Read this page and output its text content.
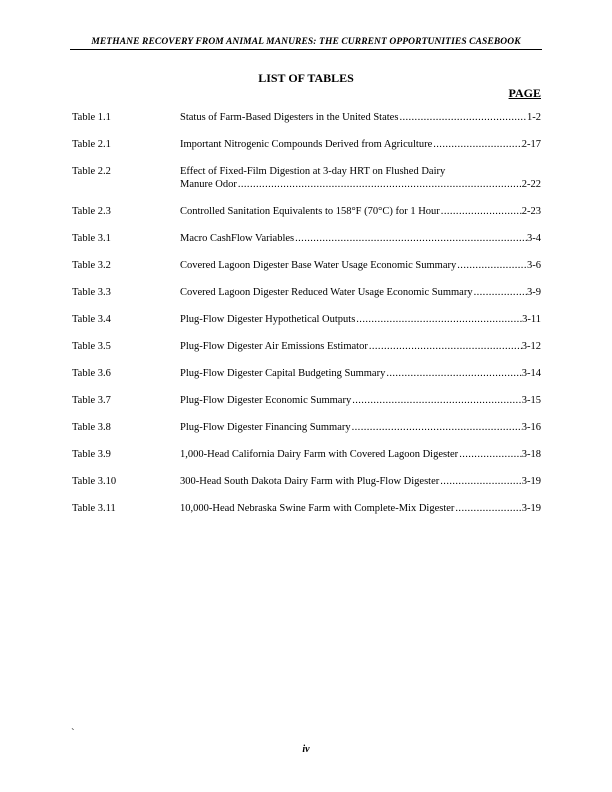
METHANE RECOVERY FROM ANIMAL MANURES: THE CURRENT OPPORTUNITIES CASEBOOK
LIST OF TABLES
PAGE
Table 1.1	Status of Farm-Based Digesters in the United States .....	1-2
Table 2.1	Important Nitrogenic Compounds Derived from Agriculture .....	2-17
Table 2.2	Effect of Fixed-Film Digestion at 3-day HRT on Flushed Dairy
Manure Odor .....	2-22
Table 2.3	Controlled Sanitation Equivalents to 158°F (70°C) for 1 Hour .....	2-23
Table 3.1	Macro CashFlow Variables .....	3-4
Table 3.2	Covered Lagoon Digester Base Water Usage Economic Summary .....	3-6
Table 3.3	Covered Lagoon Digester Reduced Water Usage Economic Summary .....	3-9
Table 3.4	Plug-Flow Digester Hypothetical Outputs .....	3-11
Table 3.5	Plug-Flow Digester Air Emissions Estimator .....	3-12
Table 3.6	Plug-Flow Digester Capital Budgeting Summary .....	3-14
Table 3.7	Plug-Flow Digester Economic Summary .....	3-15
Table 3.8	Plug-Flow Digester Financing Summary .....	3-16
Table 3.9	1,000-Head California Dairy Farm with Covered Lagoon Digester .....	3-18
Table 3.10	300-Head South Dakota Dairy Farm with Plug-Flow Digester .....	3-19
Table 3.11	10,000-Head Nebraska Swine Farm with Complete-Mix Digester .....	3-19
`
iv
